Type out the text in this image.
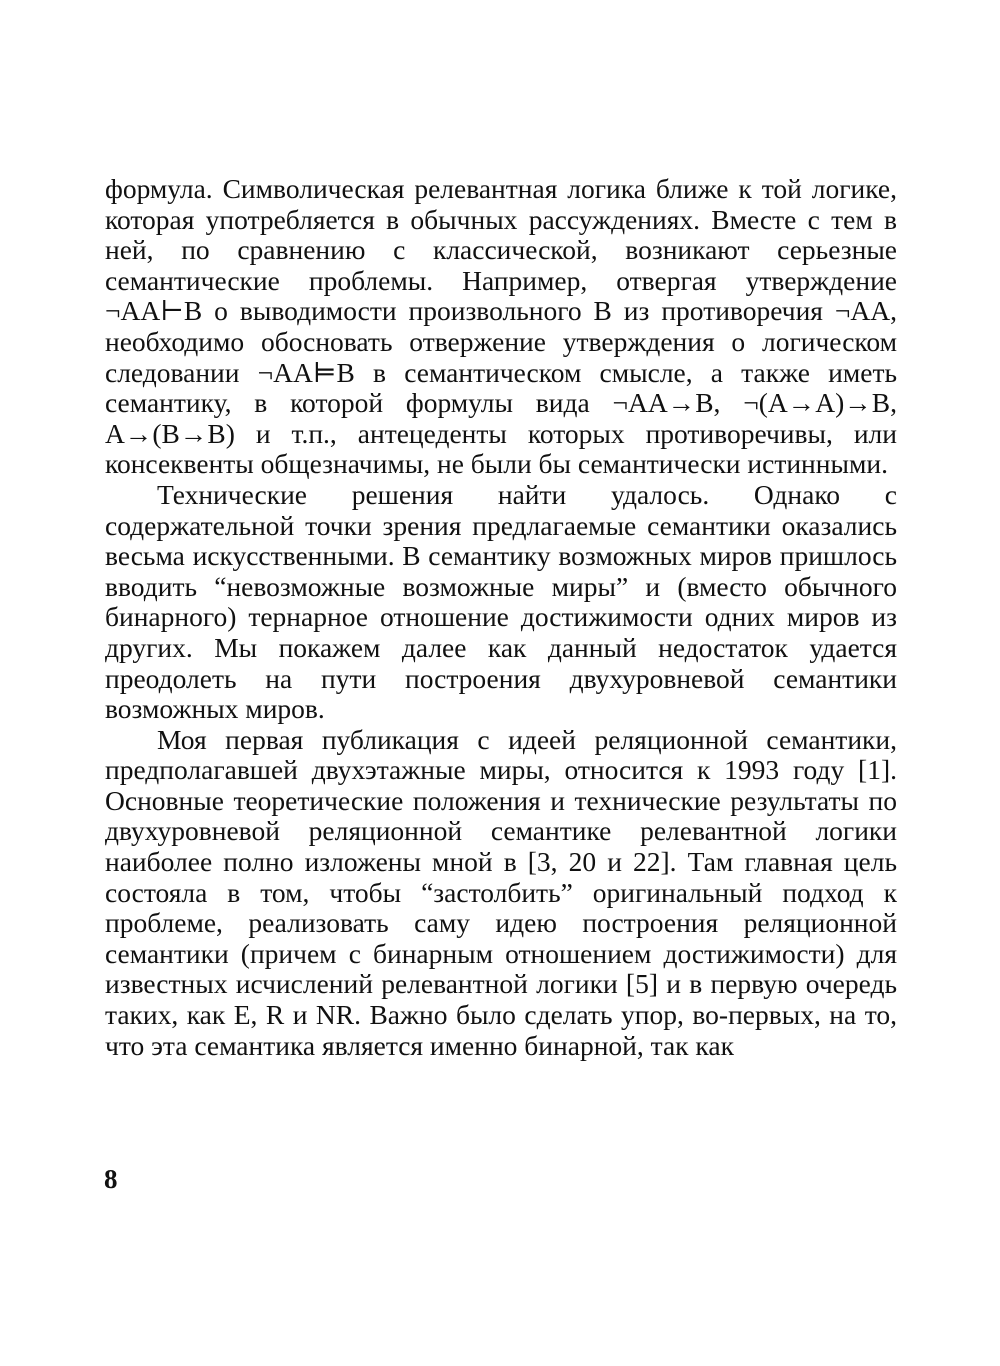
формула. Символическая релевантная логика ближе к той логике, которая употребляется в обычных рассуждениях. Вместе с тем в ней, по сравнению с классической, возникают серьезные семантические проблемы. Например, отвергая утверждение ¬AA⊢B о выводимости произвольного B из противоречия ¬AA, необходимо обосновать отвержение утверждения о логическом следовании ¬AA⊨B в семантическом смысле, а также иметь семантику, в которой формулы вида ¬AA→B, ¬(A→A)→B, A→(B→B) и т.п., антецеденты которых противоречивы, или консеквенты общезначимы, не были бы семантически истинными.

Технические решения найти удалось. Однако с содержательной точки зрения предлагаемые семантики оказались весьма искусственными. В семантику возможных миров пришлось вводить “невозможные возможные миры” и (вместо обычного бинарного) тернарное отношение достижимости одних миров из других. Мы покажем далее как данный недостаток удается преодолеть на пути построения двухуровневой семантики возможных миров.

Моя первая публикация с идеей реляционной семантики, предполагавшей двухэтажные миры, относится к 1993 году [1]. Основные теоретические положения и технические результаты по двухуровневой реляционной семантике релевантной логики наиболее полно изложены мной в [3, 20 и 22]. Там главная цель состояла в том, чтобы “застолбить” оригинальный подход к проблеме, реализовать саму идею построения реляционной семантики (причем с бинарным отношением достижимости) для известных исчислений релевантной логики [5] и в первую очередь таких, как E, R и NR. Важно было сделать упор, во-первых, на то, что эта семантика является именно бинарной, так как

8
